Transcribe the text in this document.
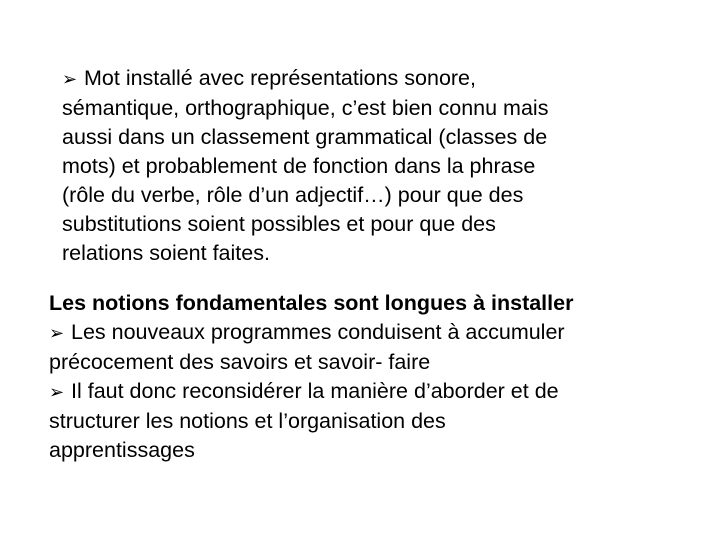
➢ Mot installé avec représentations sonore,
sémantique, orthographique, c’est bien connu mais
aussi dans un classement grammatical (classes de
mots) et probablement de fonction dans la phrase
(rôle du verbe, rôle d’un adjectif…) pour que des
substitutions soient possibles et pour que des
relations soient faites.
Les notions fondamentales sont longues à installer
➢ Les nouveaux programmes conduisent à accumuler
précocement des savoirs et savoir- faire
➢ Il faut donc reconsidérer la manière d’aborder et de
structurer les notions et l’organisation des
apprentissages
